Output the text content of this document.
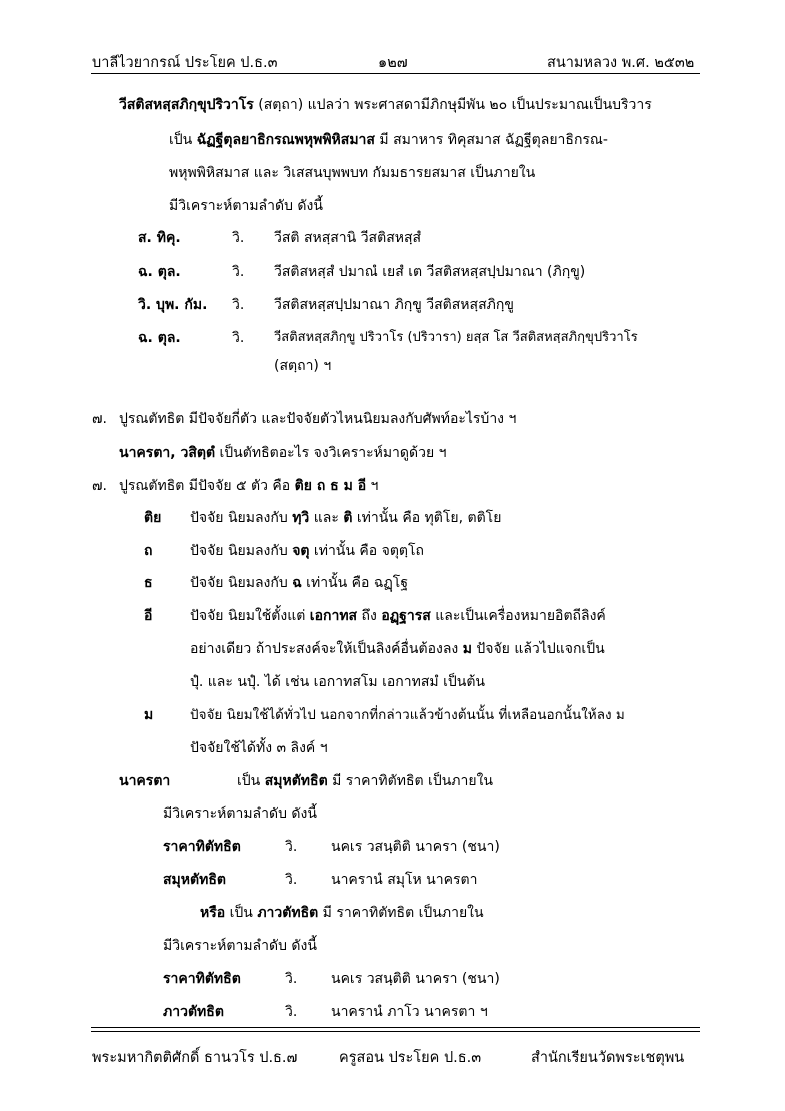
บาลีไวยากรณ์ ประโยค ป.ธ.๓	๑๒๗	สนามหลวง พ.ศ. ๒๕๓๒
วีสติสหสฺสภิกฺขุปริวาโร (สตฺถา) แปลว่า พระศาสดามีภิกษุมีพัน ๒๐ เป็นประมาณเป็นบริวาร
เป็น ฉัฏฐีตุลยาธิกรณพหุพพิหิสมาส มี สมาหาร ทิคุสมาส ฉัฏฐีตุลยาธิกรณ-
พหุพพิหิสมาส และ วิเสสนบุพพบท กัมมธารยสมาส เป็นภายใน
มีวิเคราะห์ตามลำดับ ดังนี้
ส. ทิคุ.	วิ. วีสติ สหสฺสานิ วีสติสหสฺสํ
ฉ. ตุล.	วิ. วีสติสหสฺสํ ปมาณํ เยสํ เต วีสติสหสฺสปฺปมาณา (ภิกฺขู)
วิ. บุพ. กัม. วิ. วีสติสหสฺสปฺปมาณา ภิกฺขู วีสติสหสฺสภิกฺขู
ฉ. ตุล.	วิ. วีสติสหสฺสภิกฺขู ปริวาโร (ปริวารา) ยสฺส โส วีสติสหสฺสภิกฺขุปริวาโร
(สตฺถา) ฯ
๗. ปูรณตัทธิต มีปัจจัยกี่ตัว และปัจจัยตัวไหนนิยมลงกับศัพท์อะไรบ้าง ฯ
นาครตา, วสิตฺตํ เป็นตัทธิตอะไร จงวิเคราะห์มาดูด้วย ฯ
๗. ปูรณตัทธิต มีปัจจัย ๕ ตัว คือ ติย ถ ธ ม อี ฯ
ติย ปัจจัย นิยมลงกับ ทฺวิ และ ติ เท่านั้น คือ ทุติโย, ตติโย
ถ	ปัจจัย นิยมลงกับ จตุ เท่านั้น คือ จตุตฺโถ
ธ	ปัจจัย นิยมลงกับ ฉ เท่านั้น คือ ฉฏฺโฐ
อี	ปัจจัย นิยมใช้ตั้งแต่ เอกาทส ถึง อฏฺฐารส และเป็นเครื่องหมายอิตถีลิงค์
อย่างเดียว ถ้าประสงค์จะให้เป็นลิงค์อื่นต้องลง ม ปัจจัย แล้วไปแจกเป็น
ปุํ. และ นปุํ. ได้ เช่น เอกาทสโม เอกาทสมํ เป็นต้น
ม	ปัจจัย นิยมใช้ได้ทั่วไป นอกจากที่กล่าวแล้วข้างต้นนั้น ที่เหลือนอกนั้นให้ลง ม
ปัจจัยใช้ได้ทั้ง ๓ ลิงค์ ฯ
นาครตา	เป็น สมุหตัทธิต มี ราคาทิตัทธิต เป็นภายใน
มีวิเคราะห์ตามลำดับ ดังนี้
ราคาทิตัทธิต	วิ. นคเร วสนฺติติ นาครา (ชนา)
สมุหตัทธิต	วิ. นาครานํ สมุโห นาครตา
หรือ เป็น ภาวตัทธิต มี ราคาทิตัทธิต เป็นภายใน
มีวิเคราะห์ตามลำดับ ดังนี้
ราคาทิตัทธิต	วิ. นคเร วสนฺติติ นาครา (ชนา)
ภาวตัทธิต	วิ. นาครานํ ภาโว นาครตา ฯ
พระมหากิตติศักดิ์ ธานวโร ป.ธ.๗	ครูสอน ประโยค ป.ธ.๓	สำนักเรียนวัดพระเชตุพน
